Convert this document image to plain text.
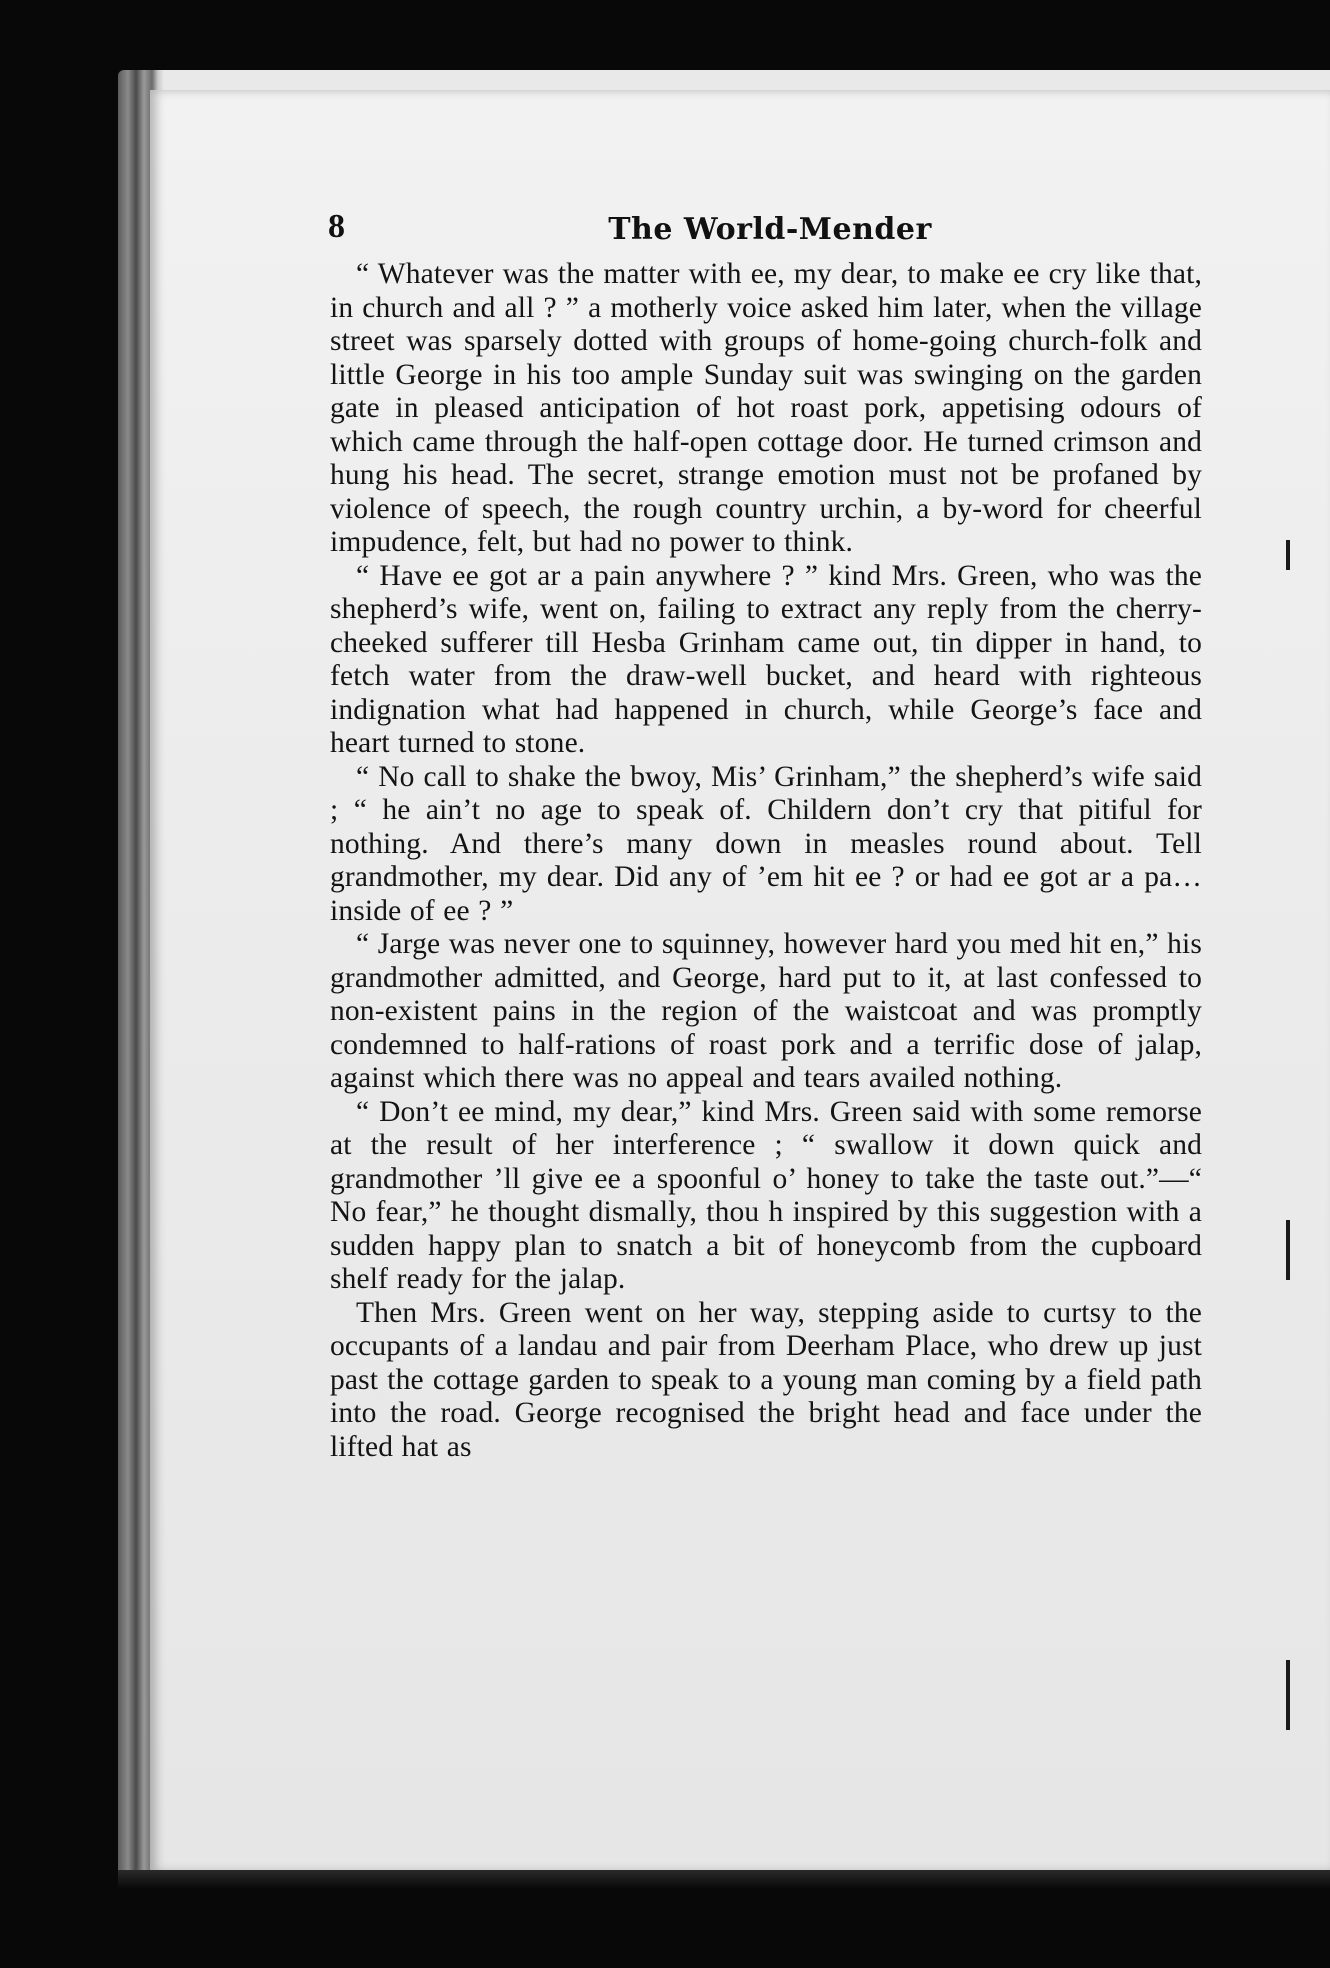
8	The World-Mender

“ Whatever was the matter with ee, my dear, to make ee cry like that, in church and all ? ” a motherly voice asked him later, when the village street was sparsely dotted with groups of home-going church-folk and little George in his too ample Sunday suit was swinging on the garden gate in pleased anticipation of hot roast pork, appetising odours of which came through the half-open cottage door. He turned crimson and hung his head. The secret, strange emotion must not be profaned by violence of speech, the rough country urchin, a by-word for cheerful impudence, felt, but had no power to think.

“ Have ee got ar a pain anywhere ? ” kind Mrs. Green, who was the shepherd’s wife, went on, failing to extract any reply from the cherry-cheeked sufferer till Hesba Grinham came out, tin dipper in hand, to fetch water from the draw-well bucket, and heard with righteous indignation what had happened in church, while George’s face and heart turned to stone.

“ No call to shake the bwoy, Mis’ Grinham,” the shepherd’s wife said ; “ he ain’t no age to speak of. Childern don’t cry that pitiful for nothing. And there’s many down in measles round about. Tell grandmother, my dear. Did any of ’em hit ee ? or had ee got ar a pa… inside of ee ? ”

“ Jarge was never one to squinney, however hard you med hit en,” his grandmother admitted, and George, hard put to it, at last confessed to non-existent pains in the region of the waistcoat and was promptly condemned to half-rations of roast pork and a terrific dose of jalap, against which there was no appeal and tears availed nothing.

“ Don’t ee mind, my dear,” kind Mrs. Green said with some remorse at the result of her interference ; “ swallow it down quick and grandmother ’ll give ee a spoonful o’ honey to take the taste out.”—“ No fear,” he thought dismally, thou h inspired by this suggestion with a sudden happy plan to snatch a bit of honeycomb from the cupboard shelf ready for the jalap.

Then Mrs. Green went on her way, stepping aside to curtsy to the occupants of a landau and pair from Deerham Place, who drew up just past the cottage garden to speak to a young man coming by a field path into the road. George recognised the bright head and face under the lifted hat as
